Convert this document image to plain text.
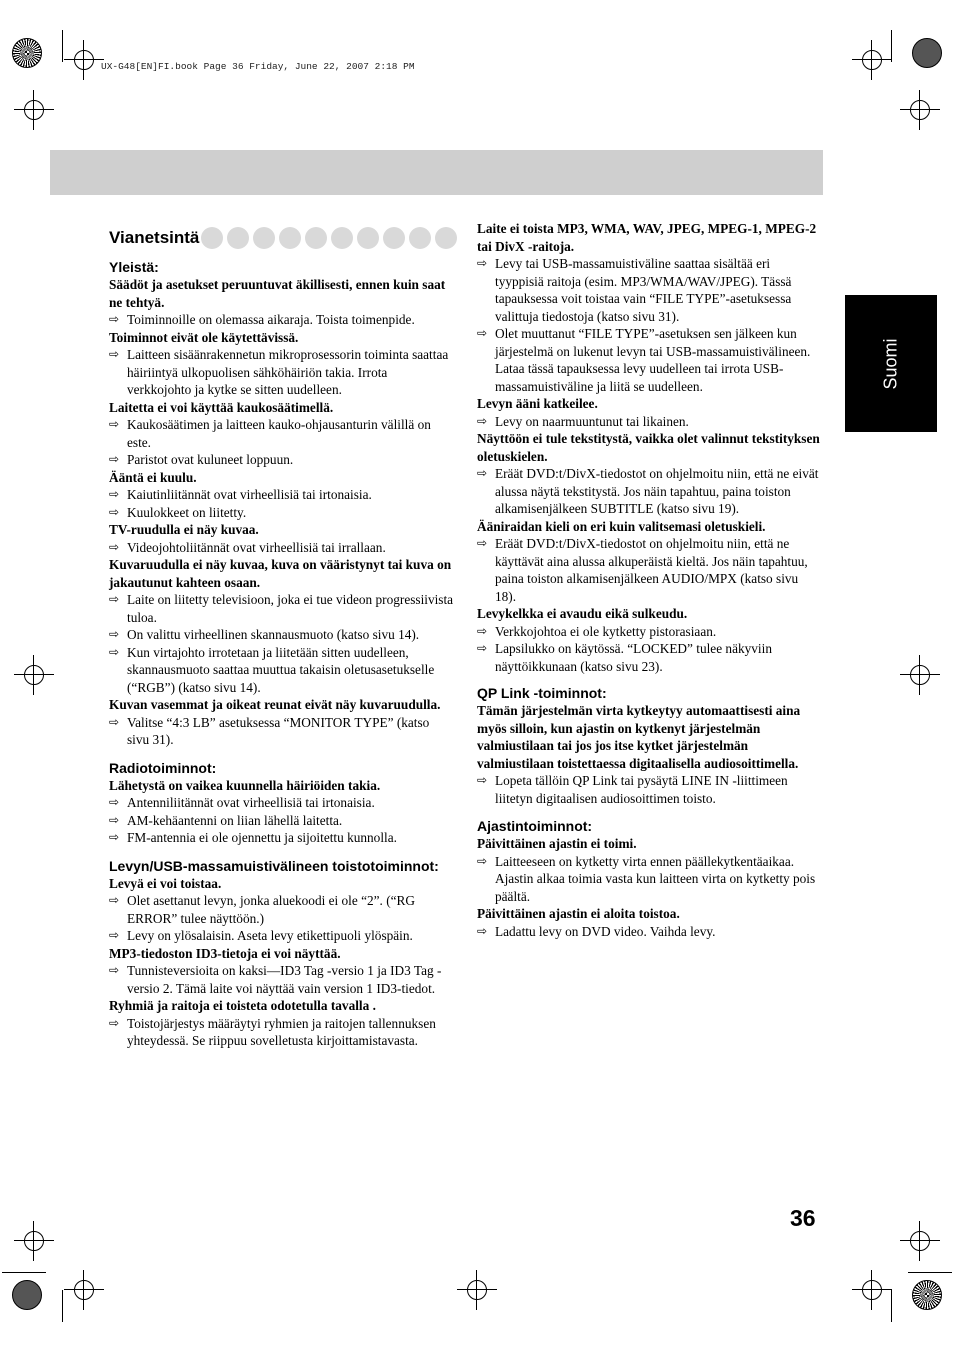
UX-G48[EN]FI.book Page 36 Friday, June 22, 2007 2:18 PM
Suomi
36
Vianetsintä
Yleistä:

Säädöt ja asetukset peruuntuvat äkillisesti, ennen kuin saat ne tehtyä.

⇨ Toiminnoille on olemassa aikaraja. Toista toimenpide.

Toiminnot eivät ole käytettävissä.

⇨ Laitteen sisäänrakennetun mikroprosessorin toiminta saattaa häiriintyä ulkopuolisen sähköhäiriön takia. Irrota verkkojohto ja kytke se sitten uudelleen.

Laitetta ei voi käyttää kaukosäätimellä.

⇨ Kaukosäätimen ja laitteen kauko-ohjausanturin välillä on este.

⇨ Paristot ovat kuluneet loppuun.

Ääntä ei kuulu.

⇨ Kaiutinliitännät ovat virheellisiä tai irtonaisia.

⇨ Kuulokkeet on liitetty.

TV-ruudulla ei näy kuvaa.

⇨ Videojohtoliitännät ovat virheellisiä tai irrallaan.

Kuvaruudulla ei näy kuvaa, kuva on vääristynyt tai kuva on jakautunut kahteen osaan.

⇨ Laite on liitetty televisioon, joka ei tue videon progressiivista tuloa.

⇨ On valittu virheellinen skannausmuoto (katso sivu 14).

⇨ Kun virtajohto irrotetaan ja liitetään sitten uudelleen, skannausmuoto saattaa muuttua takaisin oletusasetukselle (“RGB”) (katso sivu 14).

Kuvan vasemmat ja oikeat reunat eivät näy kuvaruudulla.

⇨ Valitse “4:3 LB” asetuksessa “MONITOR TYPE” (katso sivu 31).

Radiotoiminnot:

Lähetystä on vaikea kuunnella häiriöiden takia.

⇨ Antenniliitännät ovat virheellisiä tai irtonaisia.

⇨ AM-kehäantenni on liian lähellä laitetta.

⇨ FM-antennia ei ole ojennettu ja sijoitettu kunnolla.

Levyn/USB-massamuistivälineen toistotoiminnot:

Levyä ei voi toistaa.

⇨ Olet asettanut levyn, jonka aluekoodi ei ole “2”. (“RG ERROR” tulee näyttöön.)

⇨ Levy on ylösalaisin. Aseta levy etikettipuoli ylöspäin.

MP3-tiedoston ID3-tietoja ei voi näyttää.

⇨ Tunnisteversioita on kaksi—ID3 Tag -versio 1 ja ID3 Tag -versio 2. Tämä laite voi näyttää vain version 1 ID3-tiedot.

Ryhmiä ja raitoja ei toisteta odotetulla tavalla .

⇨ Toistojärjestys määräytyi ryhmien ja raitojen tallennuksen yhteydessä. Se riippuu sovelletusta kirjoittamistavasta.

Laite ei toista MP3, WMA, WAV, JPEG, MPEG-1, MPEG-2 tai DivX -raitoja.

⇨ Levy tai USB-massamuistiväline saattaa sisältää eri tyyppisiä raitoja (esim. MP3/WMA/WAV/JPEG). Tässä tapauksessa voit toistaa vain “FILE TYPE”-asetuksessa valittuja tiedostoja (katso sivu 31).

⇨ Olet muuttanut “FILE TYPE”-asetuksen sen jälkeen kun järjestelmä on lukenut levyn tai USB-massamuistivälineen. Lataa tässä tapauksessa levy uudelleen tai irrota USB-massamuistiväline ja liitä se uudelleen.

Levyn ääni katkeilee.

⇨ Levy on naarmuuntunut tai likainen.

Näyttöön ei tule tekstitystä, vaikka olet valinnut tekstityksen oletuskielen.

⇨ Eräät DVD:t/DivX-tiedostot on ohjelmoitu niin, että ne eivät alussa näytä tekstitystä. Jos näin tapahtuu, paina toiston alkamisenjälkeen SUBTITLE (katso sivu 19).

Ääniraidan kieli on eri kuin valitsemasi oletuskieli.

⇨ Eräät DVD:t/DivX-tiedostot on ohjelmoitu niin, että ne käyttävät aina alussa alkuperäistä kieltä. Jos näin tapahtuu, paina toiston alkamisenjälkeen AUDIO/MPX (katso sivu 18).

Levykelkka ei avaudu eikä sulkeudu.

⇨ Verkkojohtoa ei ole kytketty pistorasiaan.

⇨ Lapsilukko on käytössä. “LOCKED” tulee näkyviin näyttöikkunaan (katso sivu 23).

QP Link -toiminnot:

Tämän järjestelmän virta kytkeytyy automaattisesti aina myös silloin, kun ajastin on kytkenyt järjestelmän valmiustilaan tai jos jos itse kytket järjestelmän valmiustilaan toistettaessa digitaalisella audiosoittimella.

⇨ Lopeta tällöin QP Link tai pysäytä LINE IN -liittimeen liitetyn digitaalisen audiosoittimen toisto.

Ajastintoiminnot:

Päivittäinen ajastin ei toimi.

⇨ Laitteeseen on kytketty virta ennen päällekytkentäaikaa. Ajastin alkaa toimia vasta kun laitteen virta on kytketty pois päältä.

Päivittäinen ajastin ei aloita toistoa.

⇨ Ladattu levy on DVD video. Vaihda levy.
